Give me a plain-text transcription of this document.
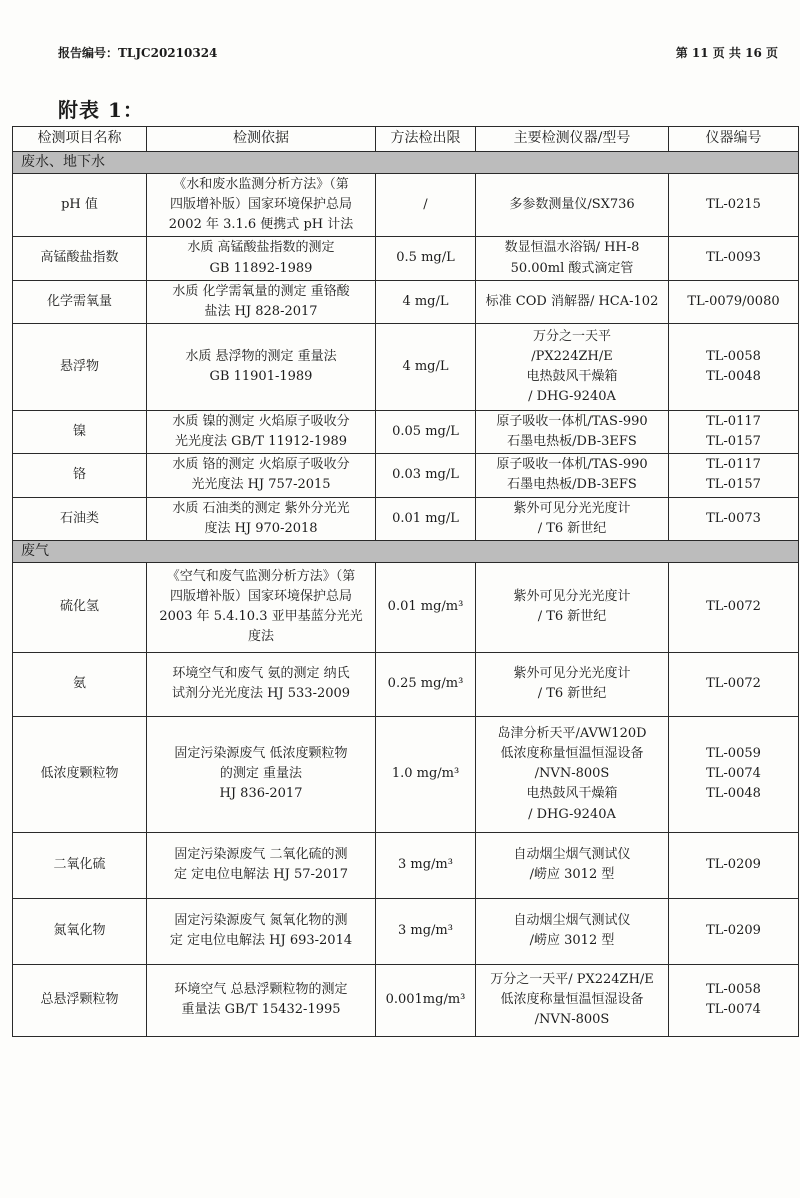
报告编号：TLJC20210324	第 11 页 共 16 页
附表 1：
检测项目名称	检测依据	方法检出限	主要检测仪器/型号	仪器编号
废水、地下水				
pH 值	《水和废水监测分析方法》（第
四版增补版）国家环境保护总局
2002 年 3.1.6 便携式 pH 计法	/	多参数测量仪/SX736	TL-0215

高锰酸盐指数	水质 高锰酸盐指数的测定
GB 11892-1989	0.5 mg/L	数显恒温水浴锅/ HH-8
50.00ml 酸式滴定管	TL-0093

化学需氧量	水质 化学需氧量的测定 重铬酸
盐法 HJ 828-2017	4 mg/L	标准 COD 消解器/ HCA-102	TL-0079/0080

悬浮物	水质 悬浮物的测定 重量法
GB 11901-1989	4 mg/L	万分之一天平
/PX224ZH/E
电热鼓风干燥箱
/ DHG-9240A	TL-0058
TL-0048

镍	水质 镍的测定 火焰原子吸收分
光光度法 GB/T 11912-1989	0.05 mg/L	原子吸收一体机/TAS-990
石墨电热板/DB-3EFS	TL-0117
TL-0157

铬	水质 铬的测定 火焰原子吸收分
光光度法 HJ 757-2015	0.03 mg/L	原子吸收一体机/TAS-990
石墨电热板/DB-3EFS	TL-0117
TL-0157

石油类	水质 石油类的测定 紫外分光光
度法 HJ 970-2018	0.01 mg/L	紫外可见分光光度计
/ T6 新世纪	TL-0073

废气				
硫化氢	《空气和废气监测分析方法》（第
四版增补版）国家环境保护总局
2003 年 5.4.10.3 亚甲基蓝分光光
度法	0.01 mg/m³	紫外可见分光光度计
/ T6 新世纪	TL-0072

氨	环境空气和废气 氨的测定 纳氏
试剂分光光度法 HJ 533-2009	0.25 mg/m³	紫外可见分光光度计
/ T6 新世纪	TL-0072

低浓度颗粒物	固定污染源废气 低浓度颗粒物
的测定 重量法
HJ 836-2017	1.0 mg/m³	岛津分析天平/AVW120D
低浓度称量恒温恒湿设备
/NVN-800S
电热鼓风干燥箱
/ DHG-9240A	TL-0059
TL-0074
TL-0048

二氧化硫	固定污染源废气 二氧化硫的测
定 定电位电解法 HJ 57-2017	3 mg/m³	自动烟尘烟气测试仪
/崂应 3012 型	TL-0209

氮氧化物	固定污染源废气 氮氧化物的测
定 定电位电解法 HJ 693-2014	3 mg/m³	自动烟尘烟气测试仪
/崂应 3012 型	TL-0209

总悬浮颗粒物	环境空气 总悬浮颗粒物的测定
重量法 GB/T 15432-1995	0.001mg/m³	万分之一天平/ PX224ZH/E
低浓度称量恒温恒湿设备
/NVN-800S	TL-0058
TL-0074
